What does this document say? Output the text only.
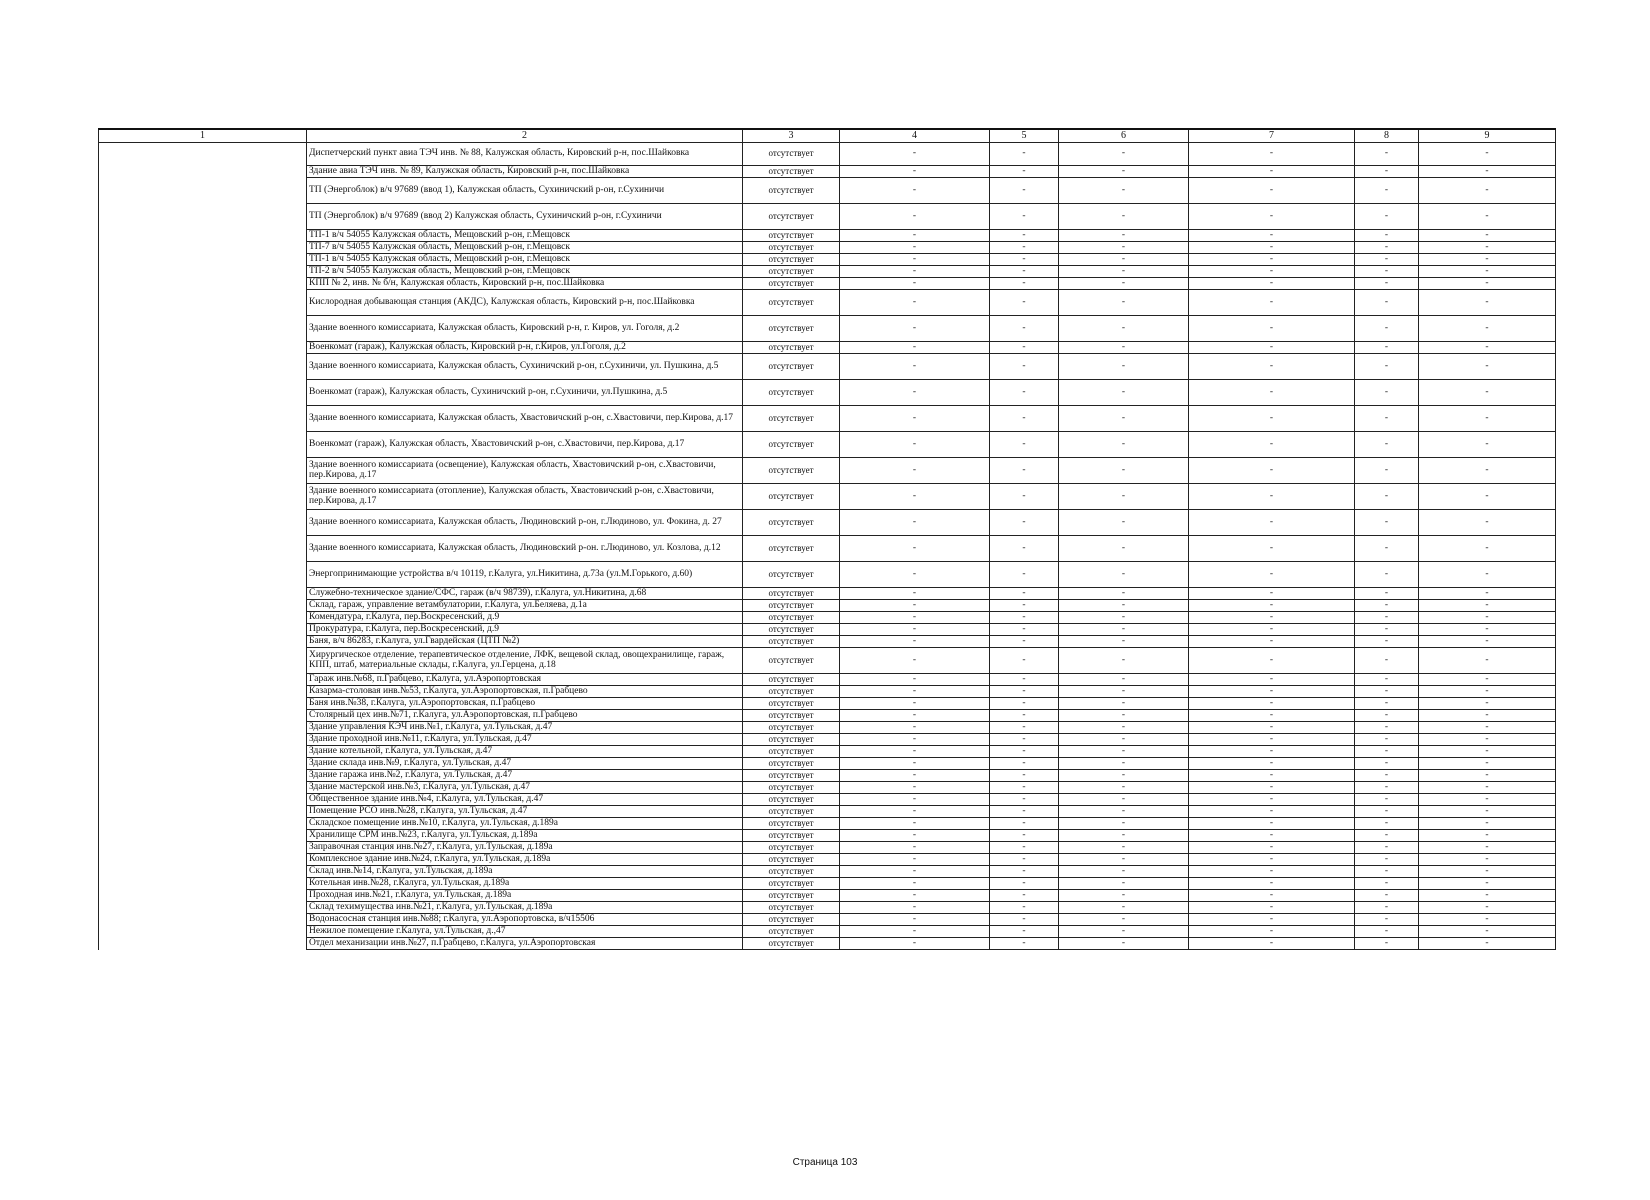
1	2	3	4	5	6	7	8	9
	Диспетчерский пункт авиа ТЭЧ инв. № 88, Калужская область, Кировский р-н, пос.Шайковка	отсутствует	-	-	-	-	-	-
	Здание авиа ТЭЧ инв. № 89, Калужская область, Кировский р-н, пос.Шайковка	отсутствует	-	-	-	-	-	-
	ТП (Энергоблок) в/ч 97689 (ввод 1), Калужская область, Сухиничский р-он, г.Сухиничи	отсутствует	-	-	-	-	-	-
	ТП (Энергоблок) в/ч 97689 (ввод 2) Калужская область, Сухиничский р-он, г.Сухиничи	отсутствует	-	-	-	-	-	-
	ТП-1 в/ч 54055 Калужская область, Мещовский р-он, г.Мещовск	отсутствует	-	-	-	-	-	-
	ТП-7 в/ч 54055 Калужская область, Мещовский р-он, г.Мещовск	отсутствует	-	-	-	-	-	-
	ТП-1 в/ч 54055 Калужская область, Мещовский р-он, г.Мещовск	отсутствует	-	-	-	-	-	-
	ТП-2 в/ч 54055 Калужская область, Мещовский р-он, г.Мещовск	отсутствует	-	-	-	-	-	-
	КПП № 2, инв. № б/н, Калужская область, Кировский р-н, пос.Шайковка	отсутствует	-	-	-	-	-	-
	Кислородная добывающая станция (АКДС), Калужская область, Кировский р-н, пос.Шайковка	отсутствует	-	-	-	-	-	-
	Здание военного комиссариата, Калужская область, Кировский р-н, г. Киров, ул. Гоголя, д.2	отсутствует	-	-	-	-	-	-
	Военкомат (гараж), Калужская область, Кировский р-н, г.Киров, ул.Гоголя, д.2	отсутствует	-	-	-	-	-	-
	Здание военного комиссариата, Калужская область, Сухиничский р-он, г.Сухиничи, ул. Пушкина, д.5	отсутствует	-	-	-	-	-	-
	Военкомат (гараж), Калужская область, Сухиничский р-он, г.Сухиничи, ул.Пушкина, д.5	отсутствует	-	-	-	-	-	-
	Здание военного комиссариата, Калужская область, Хвастовичский р-он, с.Хвастовичи, пер.Кирова, д.17	отсутствует	-	-	-	-	-	-
	Военкомат (гараж), Калужская область, Хвастовичский р-он, с.Хвастовичи, пер.Кирова, д.17	отсутствует	-	-	-	-	-	-
	Здание военного комиссариата (освещение), Калужская область, Хвастовичский р-он, с.Хвастовичи, пер.Кирова, д.17	отсутствует	-	-	-	-	-	-
	Здание военного комиссариата (отопление), Калужская область, Хвастовичский р-он, с.Хвастовичи, пер.Кирова, д.17	отсутствует	-	-	-	-	-	-
	Здание военного комиссариата, Калужская область, Людиновский р-он, г.Людиново, ул. Фокина, д. 27	отсутствует	-	-	-	-	-	-
	Здание военного комиссариата, Калужская область, Людиновский р-он. г.Людиново, ул. Козлова, д.12	отсутствует	-	-	-	-	-	-
	Энергопринимающие устройства в/ч 10119, г.Калуга, ул.Никитина, д.73а (ул.М.Горького, д.60)	отсутствует	-	-	-	-	-	-
	Служебно-техническое здание/СФС, гараж (в/ч 98739), г.Калуга, ул.Никитина, д.68	отсутствует	-	-	-	-	-	-
	Склад, гараж, управление ветамбулатории, г.Калуга, ул.Беляева, д.1а	отсутствует	-	-	-	-	-	-
	Комендатура, г.Калуга, пер.Воскресенский, д.9	отсутствует	-	-	-	-	-	-
	Прокуратура, г.Калуга, пер.Воскресенский, д.9	отсутствует	-	-	-	-	-	-
	Баня, в/ч 86283, г.Калуга, ул.Гвардейская (ЦТП №2)	отсутствует	-	-	-	-	-	-
	Хирургическое отделение, терапевтическое отделение, ЛФК, вещевой склад, овощехранилище, гараж, КПП, штаб, материальные склады, г.Калуга, ул.Герцена, д.18	отсутствует	-	-	-	-	-	-
	Гараж инв.№68, п.Грабцево, г.Калуга, ул.Аэропортовская	отсутствует	-	-	-	-	-	-
	Казарма-столовая инв.№53, г.Калуга, ул.Аэропортовская, п.Грабцево	отсутствует	-	-	-	-	-	-
	Баня инв.№38, г.Калуга, ул.Аэропортовская, п.Грабцево	отсутствует	-	-	-	-	-	-
	Столярный цех инв.№71, г.Калуга, ул.Аэропортовская, п.Грабцево	отсутствует	-	-	-	-	-	-
	Здание управления КЭЧ инв.№1, г.Калуга, ул.Тульская, д.47	отсутствует	-	-	-	-	-	-
	Здание проходной инв.№11, г.Калуга, ул.Тульская, д.47	отсутствует	-	-	-	-	-	-
	Здание котельной, г.Калуга, ул.Тульская, д.47	отсутствует	-	-	-	-	-	-
	Здание склада инв.№9, г.Калуга, ул.Тульская, д.47	отсутствует	-	-	-	-	-	-
	Здание гаража инв.№2, г.Калуга, ул.Тульская, д.47	отсутствует	-	-	-	-	-	-
	Здание мастерской инв.№3, г.Калуга, ул.Тульская, д.47	отсутствует	-	-	-	-	-	-
	Общественное здание инв.№4, г.Калуга, ул.Тульская, д.47	отсутствует	-	-	-	-	-	-
	Помещение РСО инв.№28, г.Калуга, ул.Тульская, д.47	отсутствует	-	-	-	-	-	-
	Складское помещение инв.№10, г.Калуга, ул.Тульская, д.189а	отсутствует	-	-	-	-	-	-
	Хранилище СРМ инв.№23, г.Калуга, ул.Тульская, д.189а	отсутствует	-	-	-	-	-	-
	Заправочная станция инв.№27, г.Калуга, ул.Тульская, д.189а	отсутствует	-	-	-	-	-	-
	Комплексное здание инв.№24, г.Калуга, ул.Тульская, д.189а	отсутствует	-	-	-	-	-	-
	Склад инв.№14, г.Калуга, ул.Тульская, д.189а	отсутствует	-	-	-	-	-	-
	Котельная инв.№28, г.Калуга, ул.Тульская, д.189а	отсутствует	-	-	-	-	-	-
	Проходная инв.№21, г.Калуга, ул.Тульская, д.189а	отсутствует	-	-	-	-	-	-
	Склад техимущества инв.№21, г.Калуга, ул.Тульская, д.189а	отсутствует	-	-	-	-	-	-
	Водонасосная станция инв.№88; г.Калуга, ул.Аэропортовска, в/ч15506	отсутствует	-	-	-	-	-	-
	Нежилое помещение г.Калуга, ул.Тульская, д.,47	отсутствует	-	-	-	-	-	-
	Отдел механизации инв.№27, п.Грабцево, г.Калуга, ул.Аэропортовская	отсутствует	-	-	-	-	-	-
Страница 103
